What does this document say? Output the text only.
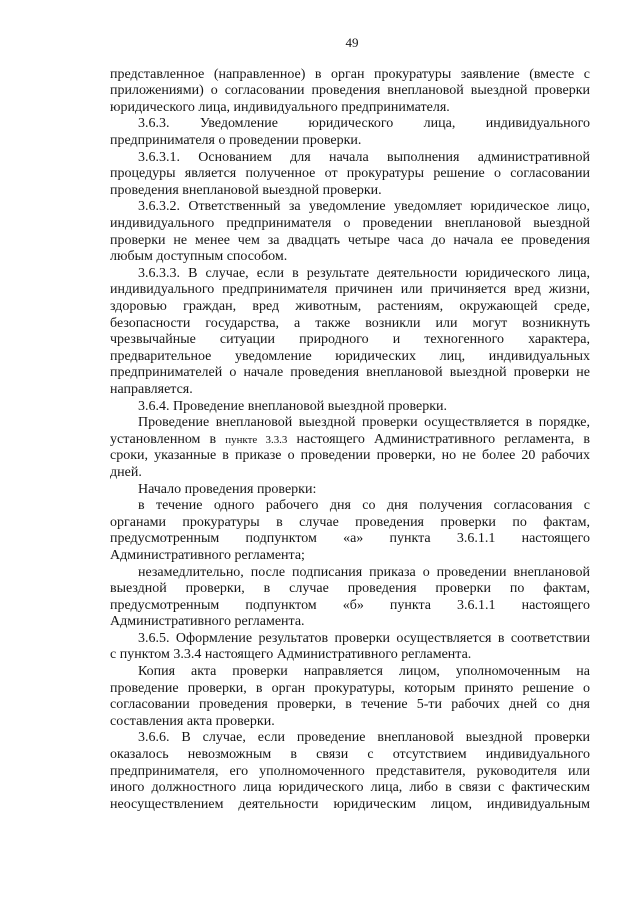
49
представленное (направленное) в орган прокуратуры заявление (вместе с
приложениями) о согласовании проведения внеплановой выездной проверки
юридического лица, индивидуального предпринимателя.
3.6.3. Уведомление юридического лица, индивидуального
предпринимателя о проведении проверки.
3.6.3.1. Основанием для начала выполнения административной
процедуры является полученное от прокуратуры решение о согласовании
проведения внеплановой выездной проверки.
3.6.3.2. Ответственный за уведомление уведомляет юридическое лицо,
индивидуального предпринимателя о проведении внеплановой выездной
проверки не менее чем за двадцать четыре часа до начала ее проведения
любым доступным способом.
3.6.3.3. В случае, если в результате деятельности юридического лица,
индивидуального предпринимателя причинен или причиняется вред жизни,
здоровью граждан, вред животным, растениям, окружающей среде,
безопасности государства, а также возникли или могут возникнуть
чрезвычайные ситуации природного и техногенного характера,
предварительное уведомление юридических лиц, индивидуальных
предпринимателей о начале проведения внеплановой выездной проверки не
направляется.
3.6.4. Проведение внеплановой выездной проверки.
Проведение внеплановой выездной проверки осуществляется в порядке,
установленном в пункте 3.3.3 настоящего Административного регламента, в
сроки, указанные в приказе о проведении проверки, но не более 20 рабочих
дней.
Начало проведения проверки:
в течение одного рабочего дня со дня получения согласования с
органами прокуратуры в случае проведения проверки по фактам,
предусмотренным подпунктом «а» пункта 3.6.1.1 настоящего
Административного регламента;
незамедлительно, после подписания приказа о проведении внеплановой
выездной проверки, в случае проведения проверки по фактам,
предусмотренным подпунктом «б» пункта 3.6.1.1 настоящего
Административного регламента.
3.6.5. Оформление результатов проверки осуществляется в соответствии
с пунктом 3.3.4 настоящего Административного регламента.
Копия акта проверки направляется лицом, уполномоченным на
проведение проверки, в орган прокуратуры, которым принято решение о
согласовании проведения проверки, в течение 5-ти рабочих дней со дня
составления акта проверки.
3.6.6. В случае, если проведение внеплановой выездной проверки
оказалось невозможным в связи с отсутствием индивидуального
предпринимателя, его уполномоченного представителя, руководителя или
иного должностного лица юридического лица, либо в связи с фактическим
неосуществлением деятельности юридическим лицом, индивидуальным
